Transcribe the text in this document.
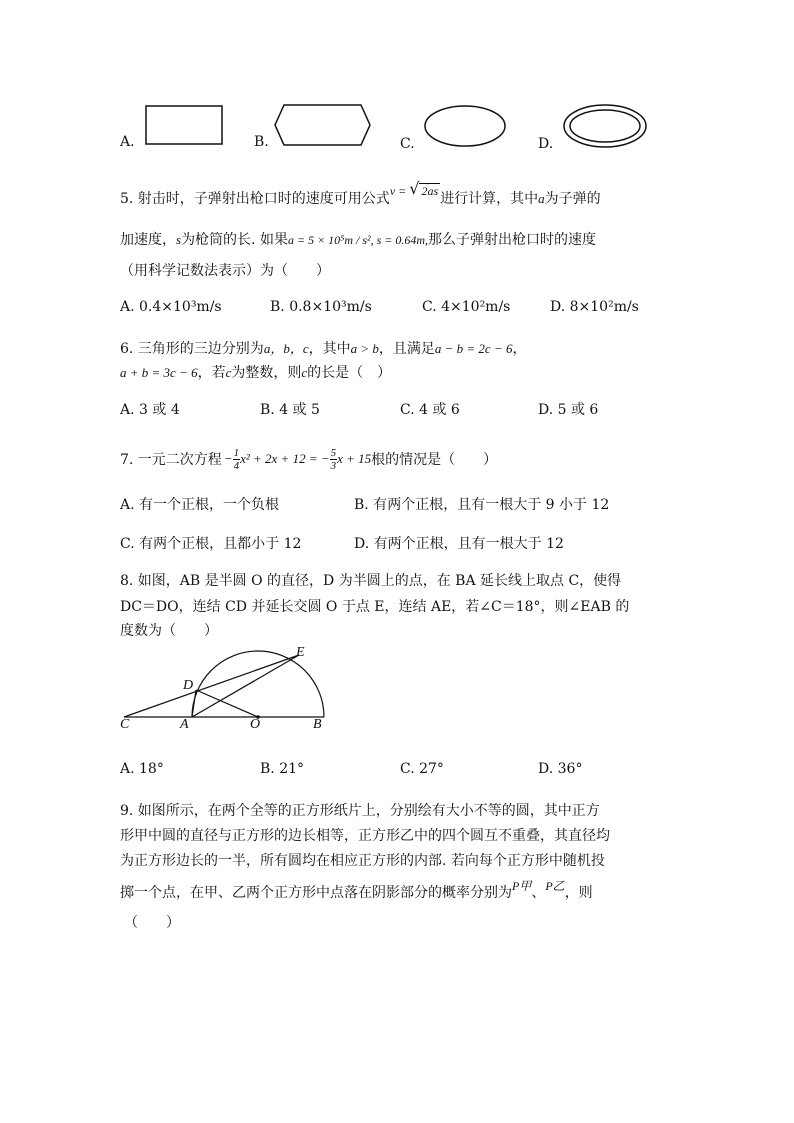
A.	B.	C.	D.
5. 射击时，子弹射出枪口时的速度可用公式v = √ 2as 进行计算，其中a为子弹的
加速度，s为枪筒的长. 如果a = 5 × 10⁵m / s², s = 0.64m,那么子弹射出枪口时的速度
（用科学记数法表示）为（　　）
A. 0.4×10³m/s	B. 0.8×10³m/s	C. 4×10²m/s	D. 8×10²m/s
6. 三角形的三边分别为a，b，c，其中a > b，且满足a − b = 2c − 6，
a + b = 3c − 6，若c为整数，则c的长是（　）
A. 3 或 4	B. 4 或 5	C. 4 或 6	D. 5 或 6
7. 一元二次方程 − $\frac{1}{4} x^2 + 2x + 12$ = − $\frac{5}{3}$ x + 15 根的情况是（　　）
A. 有一个正根，一个负根	B. 有两个正根，且有一根大于 9 小于 12
C. 有两个正根，且都小于 12	D. 有两个正根，且有一根大于 12
8. 如图，AB 是半圆 O 的直径，D 为半圆上的点，在 BA 延长线上取点 C，使得
DC＝DO，连结 CD 并延长交圆 O 于点 E，连结 AE，若∠C＝18°，则∠EAB 的
度数为（　　）
C	A	O	B
D
E
A. 18°	B. 21°	C. 27°	D. 36°
9. 如图所示，在两个全等的正方形纸片上，分别绘有大小不等的圆，其中正方
形甲中圆的直径与正方形的边长相等，正方形乙中的四个圆互不重叠，其直径均
为正方形边长的一半，所有圆均在相应正方形的内部. 若向每个正方形中随机投
掷一个点，在甲、乙两个正方形中点落在阴影部分的概率分别为P甲、P乙，则
（　　）
